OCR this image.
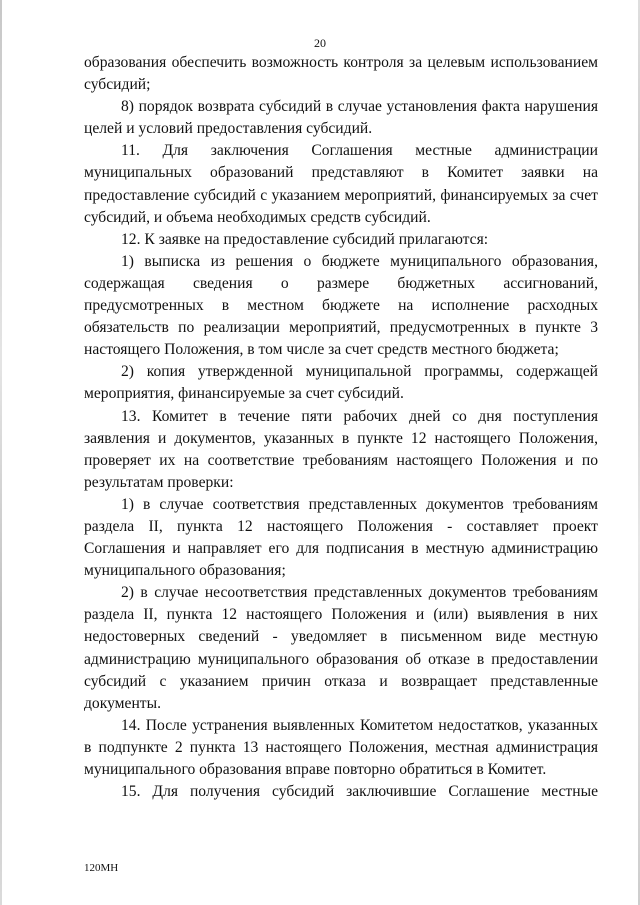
20

образования обеспечить возможность контроля за целевым использованием субсидий;

8) порядок возврата субсидий в случае установления факта нарушения целей и условий предоставления субсидий.

11. Для заключения Соглашения местные администрации муниципальных образований представляют в Комитет заявки на предоставление субсидий с указанием мероприятий, финансируемых за счет субсидий, и объема необходимых средств субсидий.

12. К заявке на предоставление субсидий прилагаются:

1) выписка из решения о бюджете муниципального образования, содержащая сведения о размере бюджетных ассигнований, предусмотренных в местном бюджете на исполнение расходных обязательств по реализации мероприятий, предусмотренных в пункте 3 настоящего Положения, в том числе за счет средств местного бюджета;

2) копия утвержденной муниципальной программы, содержащей мероприятия, финансируемые за счет субсидий.

13. Комитет в течение пяти рабочих дней со дня поступления заявления и документов, указанных в пункте 12 настоящего Положения, проверяет их на соответствие требованиям настоящего Положения и по результатам проверки:

1) в случае соответствия представленных документов требованиям раздела II, пункта 12 настоящего Положения - составляет проект Соглашения и направляет его для подписания в местную администрацию муниципального образования;

2) в случае несоответствия представленных документов требованиям раздела II, пункта 12 настоящего Положения и (или) выявления в них недостоверных сведений - уведомляет в письменном виде местную администрацию муниципального образования об отказе в предоставлении субсидий с указанием причин отказа и возвращает представленные документы.

14. После устранения выявленных Комитетом недостатков, указанных в подпункте 2 пункта 13 настоящего Положения, местная администрация муниципального образования вправе повторно обратиться в Комитет.

15. Для получения субсидий заключившие Соглашение местные

120МН
